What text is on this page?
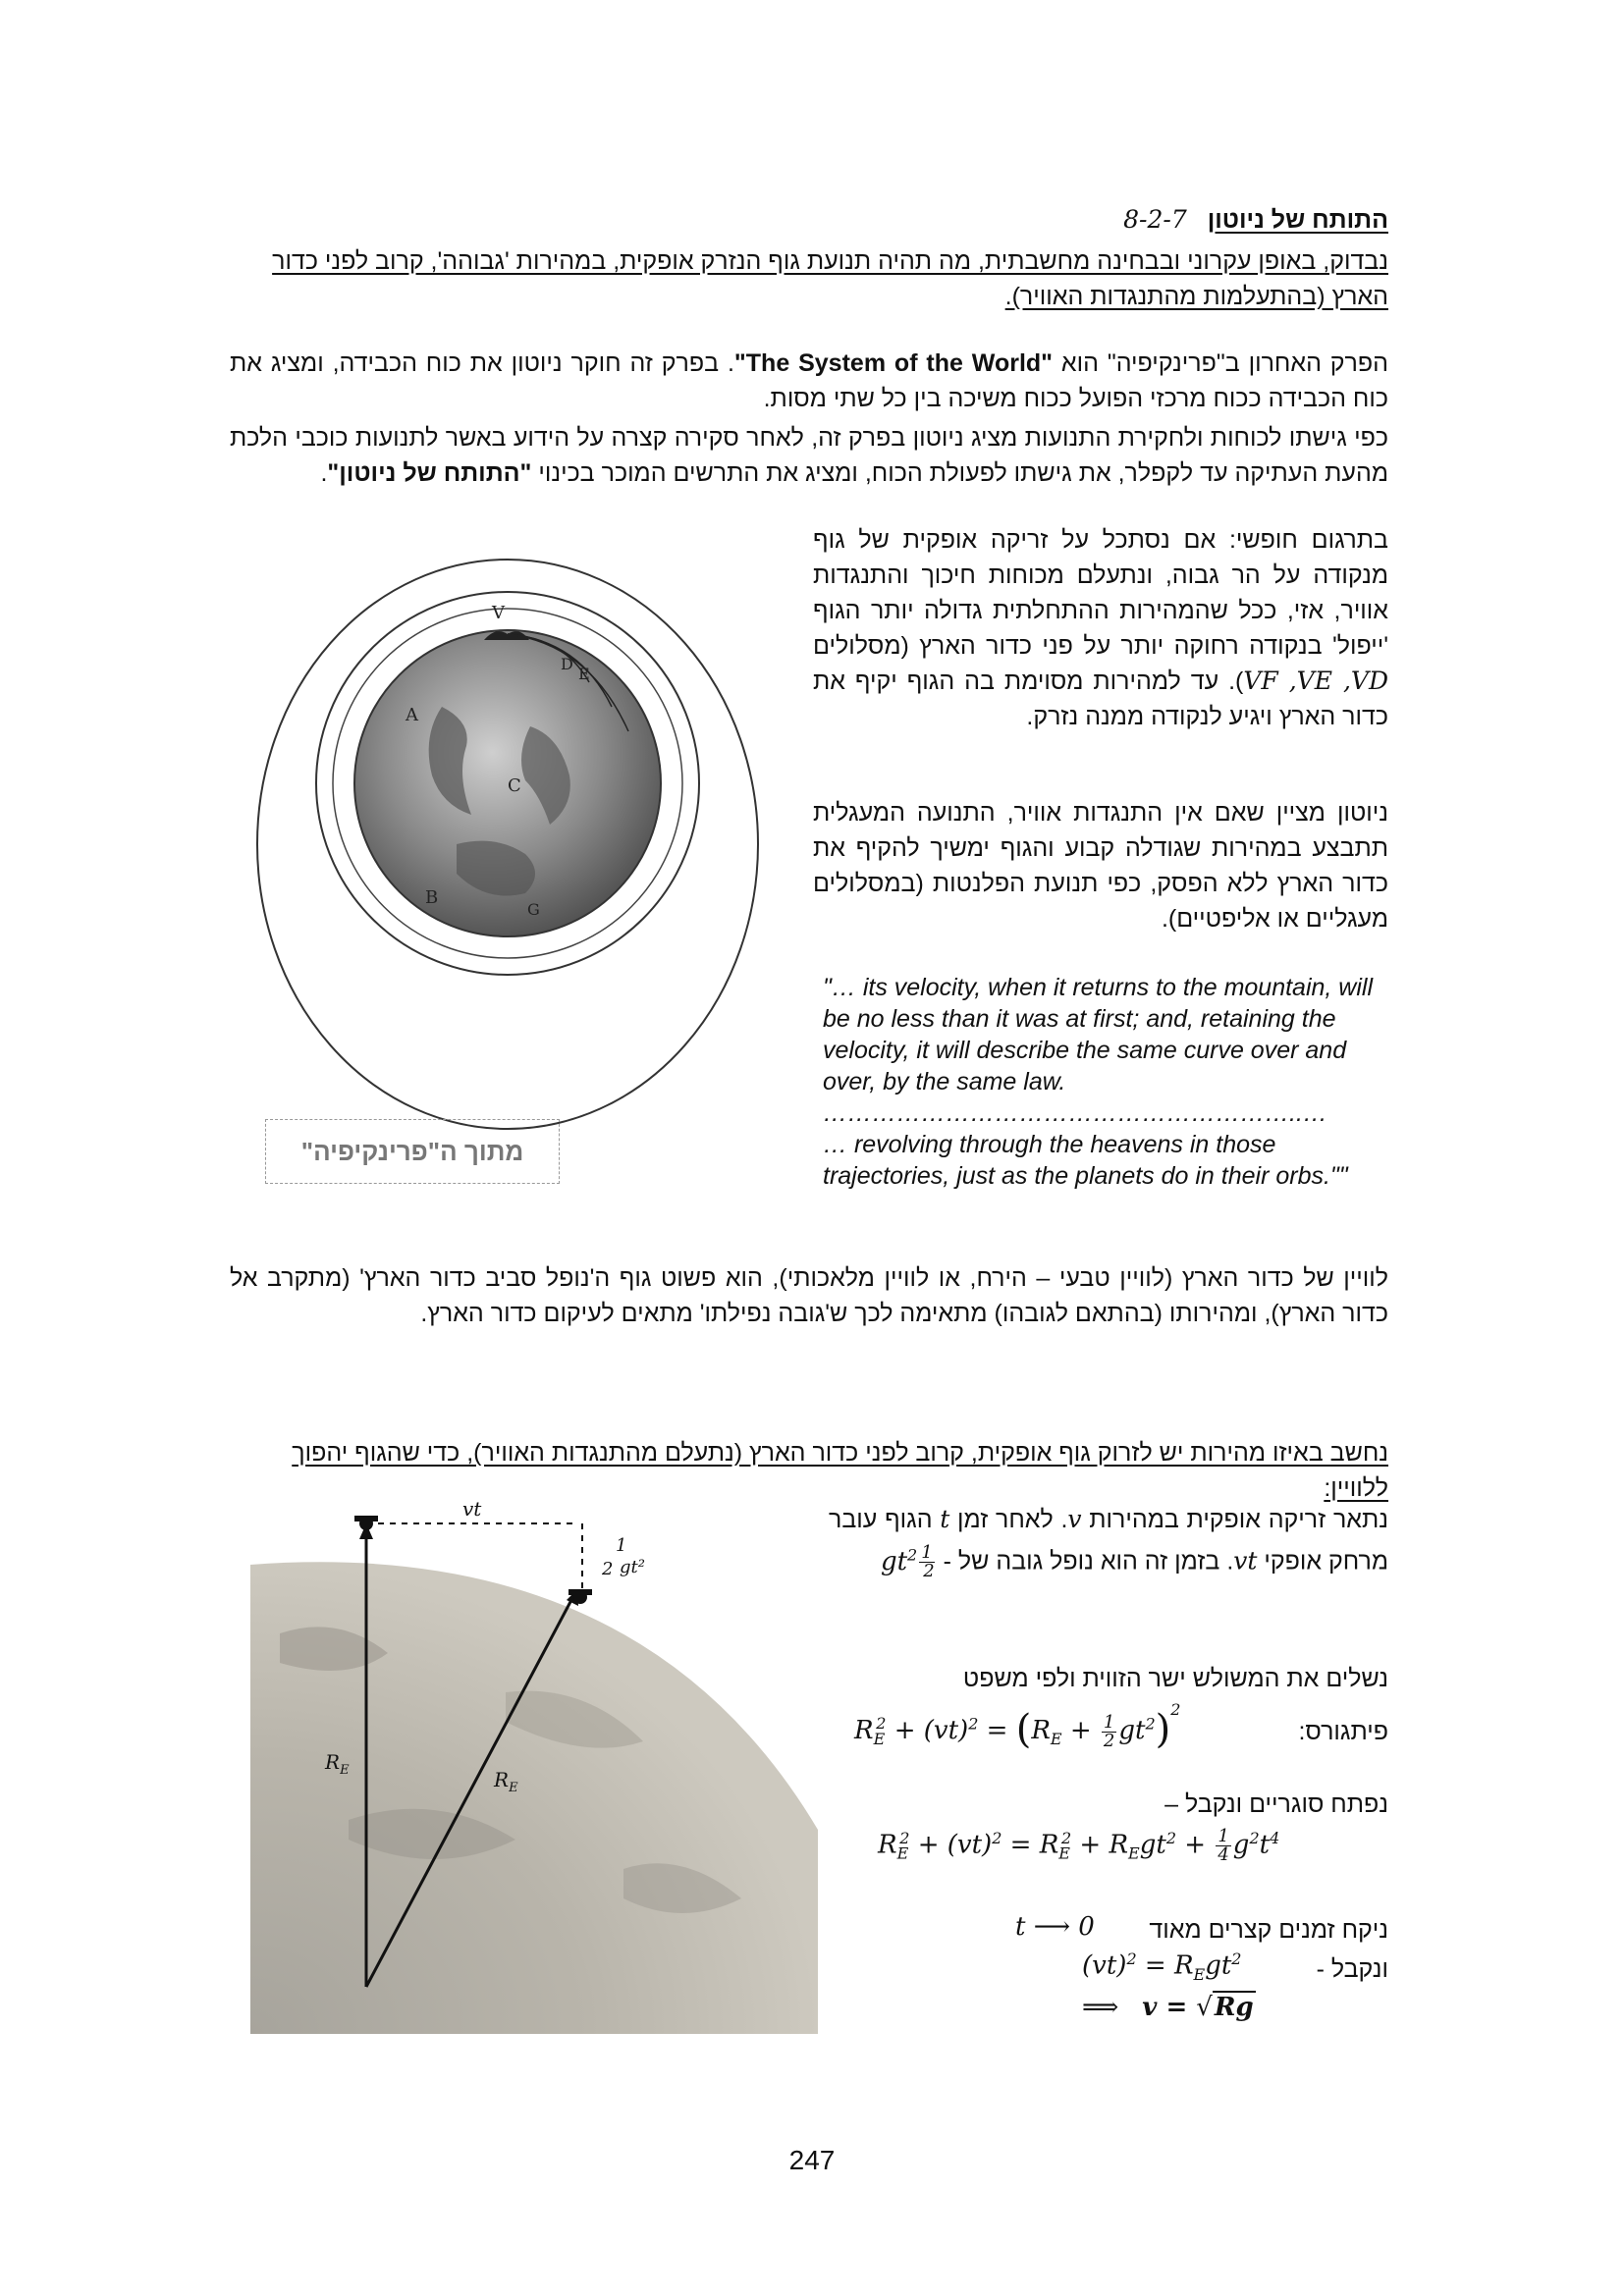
התותח של ניוטון 8-2-7
נבדוק, באופן עקרוני ובבחינה מחשבתית, מה תהיה תנועת גוף הנזרק אופקית, במהירות 'גבוהה', קרוב לפני כדור הארץ (בהתעלמות מהתנגדות האוויר).
הפרק האחרון ב"פרינקיפיה" הוא "The System of the World". בפרק זה חוקר ניוטון את כוח הכבידה, ומציג את כוח הכבידה ככוח מרכזי הפועל ככוח משיכה בין כל שתי מסות.
כפי גישתו לכוחות ולחקירת התנועות מציג ניוטון בפרק זה, לאחר סקירה קצרה על הידוע באשר לתנועות כוכבי הלכת מהעת העתיקה עד לקפלר, את גישתו לפעולת הכוח, ומציג את התרשים המוכר בכינוי "התותח של ניוטון".
בתרגום חופשי: אם נסתכל על זריקה אופקית של גוף מנקודה על הר גבוה, ונתעלם מכוחות חיכוך והתנגדות אוויר, אזי, ככל שהמהירות ההתחלתית גדולה יותר הגוף 'ייפול' בנקודה רחוקה יותר על פני כדור הארץ (מסלולים VF ,VE ,VD). עד למהירות מסוימת בה הגוף יקיף את כדור הארץ ויגיע לנקודה ממנה נזרק.
ניוטון מציין שאם אין התנגדות אוויר, התנועה המעגלית תתבצע במהירות שגודלה קבוע והגוף ימשיך להקיף את כדור הארץ ללא הפסק, כפי תנועת הפלנטות (במסלולים מעגליים או אליפטיים).
"… its velocity, when it returns to the mountain, will be no less than it was at first; and, retaining the velocity, it will describe the same curve over and over, by the same law.
…………………………………………………..…
… revolving through the heavens in those trajectories, just as the planets do in their orbs.""
V
D
E
A
C
B
G
מתוך ה"פרינקיפיה"
לוויין של כדור הארץ (לוויין טבעי – הירח, או לוויין מלאכותי), הוא פשוט גוף ה'נופל סביב כדור הארץ' (מתקרב אל כדור הארץ), ומהירותו (בהתאם לגובהו) מתאימה לכך ש'גובה נפילתו' מתאים לעיקום כדור הארץ.
נחשב באיזו מהירות יש לזרוק גוף אופקית, קרוב לפני כדור הארץ (נתעלם מהתנגדות האוויר), כדי שהגוף יהפוך ללוויין:
vt
1
2 gt²
$R_E$	$R_E$
נתאר זריקה אופקית במהירות v. לאחר זמן t הגוף עובר מרחק אופקי vt. בזמן זה הוא נופל גובה של -
$\frac{1}{2}$
$gt^2$
נשלים את המשולש ישר הזווית ולפי משפט
פיתגורס:
$R_E^2 + (vt)^2 = (R_E + \frac{1}{2} gt^2)^2$
נפתח סוגריים ונקבל –
$R_E^2 + (vt)^2 = R_E^2 + R_Egt^2 + \frac{1}{4} g^2t^4$
ניקח זמנים קצרים מאוד
t ⟶ 0
ונקבל -
$(vt)^2 = R_Egt^2$
⟹ v = √Rg
247
